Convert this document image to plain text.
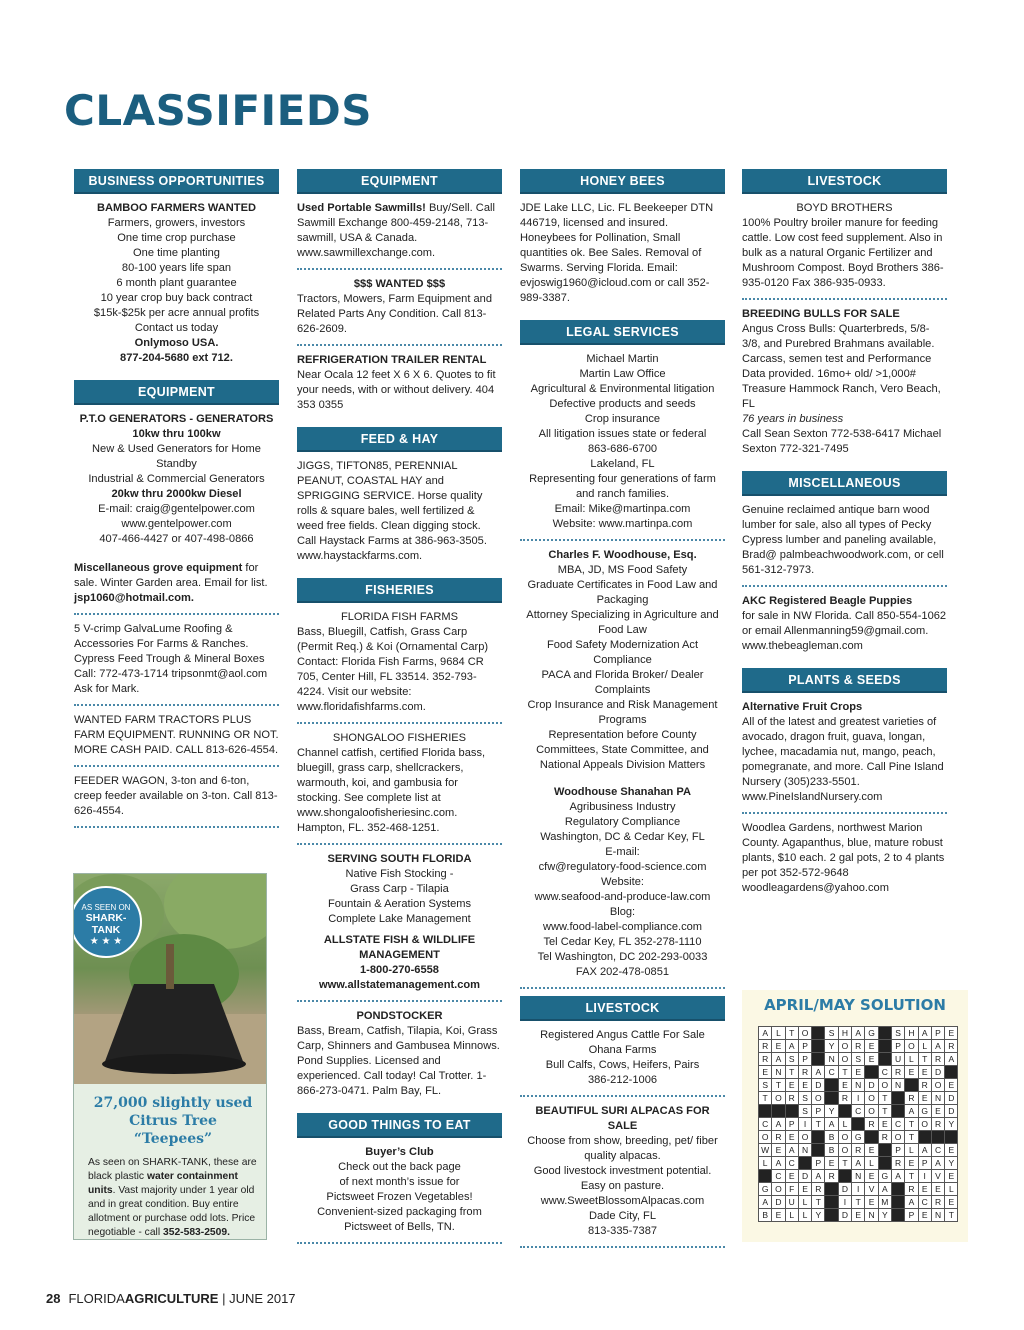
CLASSIFIEDS
BUSINESS OPPORTUNITIES
BAMBOO FARMERS WANTED
Farmers, growers, investors
One time crop purchase
One time planting
80-100 years life span
6 month plant guarantee
10 year crop buy back contract
$15k-$25k per acre annual profits
Contact us today
Onlymoso USA.
877-204-5680 ext 712.
EQUIPMENT
P.T.O GENERATORS - GENERATORS
10kw thru 100kw
New & Used Generators for Home Standby
Industrial & Commercial Generators
20kw thru 2000kw Diesel
E-mail: craig@gentelpower.com
www.gentelpower.com
407-466-4427 or 407-498-0866
Miscellaneous grove equipment for sale. Winter Garden area. Email for list.
jsp1060@hotmail.com.
5 V-crimp GalvaLume Roofing & Accessories For Farms & Ranches. Cypress Feed Trough & Mineral Boxes Call: 772-473-1714 tripsonmt@aol.com Ask for Mark.
WANTED FARM TRACTORS PLUS FARM EQUIPMENT. RUNNING OR NOT. MORE CASH PAID. CALL 813-626-4554.
FEEDER WAGON, 3-ton and 6-ton, creep feeder available on 3-ton. Call 813-626-4554.
AS SEEN ON
SHARK-
TANK
★ ★ ★
27,000 slightly used Citrus Tree “Teepees”
As seen on SHARK-TANK, these are black plastic water containment units. Vast majority under 1 year old and in great condition. Buy entire allotment or purchase odd lots. Price negotiable - call 352-583-2509.
EQUIPMENT
Used Portable Sawmills! Buy/Sell. Call Sawmill Exchange 800-459-2148, 713-sawmill, USA & Canada. www.sawmillexchange.com.
$$$ WANTED $$$
Tractors, Mowers, Farm Equipment and Related Parts Any Condition. Call 813-626-2609.
REFRIGERATION TRAILER RENTAL
Near Ocala 12 feet X 6 X 6. Quotes to fit your needs, with or without delivery. 404 353 0355
FEED & HAY
JIGGS, TIFTON85, PERENNIAL PEANUT, COASTAL HAY and SPRIGGING SERVICE. Horse quality rolls & square bales, well fertilized & weed free fields. Clean digging stock. Call Haystack Farms at 386-963-3505. www.haystackfarms.com.
FISHERIES
FLORIDA FISH FARMS
Bass, Bluegill, Catfish, Grass Carp (Permit Req.) & Koi (Ornamental Carp) Contact: Florida Fish Farms, 9684 CR 705, Center Hill, FL 33514. 352-793-4224. Visit our website: www.floridafishfarms.com.
SHONGALOO FISHERIES
Channel catfish, certified Florida bass, bluegill, grass carp, shellcrackers, warmouth, koi, and gambusia for stocking. See complete list at www.shongaloofisheriesinc.com. Hampton, FL. 352-468-1251.
SERVING SOUTH FLORIDA
Native Fish Stocking -
Grass Carp - Tilapia
Fountain & Aeration Systems
Complete Lake Management
ALLSTATE FISH & WILDLIFE MANAGEMENT
1-800-270-6558
www.allstatemanagement.com
PONDSTOCKER
Bass, Bream, Catfish, Tilapia, Koi, Grass Carp, Shinners and Gambusea Minnows. Pond Supplies. Licensed and experienced. Call today! Cal Trotter. 1-866-273-0471. Palm Bay, FL.
GOOD THINGS TO EAT
Buyer’s Club
Check out the back page
of next month’s issue for
Pictsweet Frozen Vegetables!
Convenient-sized packaging from
Pictsweet of Bells, TN.
HONEY BEES
JDE Lake LLC, Lic. FL Beekeeper DTN 446719, licensed and insured. Honeybees for Pollination, Small quantities ok. Bee Sales. Removal of Swarms. Serving Florida. Email: evjoswig1960@icloud.com or call 352-989-3387.
LEGAL SERVICES
Michael Martin
Martin Law Office
Agricultural & Environmental litigation
Defective products and seeds
Crop insurance
All litigation issues state or federal
863-686-6700
Lakeland, FL
Representing four generations of farm and ranch families.
Email: Mike@martinpa.com
Website: www.martinpa.com
Charles F. Woodhouse, Esq.
MBA, JD, MS Food Safety
Graduate Certificates in Food Law and Packaging
Attorney Specializing in Agriculture and Food Law
Food Safety Modernization Act Compliance
PACA and Florida Broker/ Dealer Complaints
Crop Insurance and Risk Management Programs
Representation before County Committees, State Committee, and National Appeals Division Matters
Woodhouse Shanahan PA
Agribusiness Industry
Regulatory Compliance
Washington, DC & Cedar Key, FL
E-mail:
cfw@regulatory-food-science.com
Website:
www.seafood-and-produce-law.com
Blog:
www.food-label-compliance.com
Tel Cedar Key, FL 352-278-1110
Tel Washington, DC 202-293-0033
FAX 202-478-0851
LIVESTOCK
Registered Angus Cattle For Sale
Ohana Farms
Bull Calfs, Cows, Heifers, Pairs
386-212-1006
BEAUTIFUL SURI ALPACAS FOR SALE
Choose from show, breeding, pet/ fiber quality alpacas.
Good livestock investment potential.
Easy on pasture.
www.SweetBlossomAlpacas.com
Dade City, FL
813-335-7387
LIVESTOCK
BOYD BROTHERS
100% Poultry broiler manure for feeding cattle. Low cost feed supplement. Also in bulk as a natural Organic Fertilizer and Mushroom Compost. Boyd Brothers 386-935-0120 Fax 386-935-0933.
BREEDING BULLS FOR SALE
Angus Cross Bulls: Quarterbreds, 5/8-3/8, and Purebred Brahmans available. Carcass, semen test and Performance Data provided. 16mo+ old/ >1,000# Treasure Hammock Ranch, Vero Beach, FL
76 years in business
Call Sean Sexton 772-538-6417 Michael Sexton 772-321-7495
MISCELLANEOUS
Genuine reclaimed antique barn wood lumber for sale, also all types of Pecky Cypress lumber and paneling available, Brad@ palmbeachwoodwork.com, or cell 561-312-7973.
AKC Registered Beagle Puppies
for sale in NW Florida. Call 850-554-1062 or email Allenmanning59@gmail.com. www.thebeagleman.com
PLANTS & SEEDS
Alternative Fruit Crops
All of the latest and greatest varieties of avocado, dragon fruit, guava, longan, lychee, macadamia nut, mango, peach, pomegranate, and more. Call Pine Island Nursery (305)233-5501. www.PineIslandNursery.com
Woodlea Gardens, northwest Marion County. Agapanthus, blue, mature robust plants, $10 each. 2 gal pots, 2 to 4 plants per pot 352-572-9648 woodleagardens@yahoo.com
APRIL/MAY SOLUTION
A	L	T	O		S	H	A	G		S	H	A	P	E
R	E	A	P		Y	O	R	E		P	O	L	A	R
R	A	S	P		N	O	S	E		U	L	T	R	A
E	N	T	R	A	C	T	E		C	R	E	E	D	
S	T	E	E	D		E	N	D	O	N		R	O	E
T	O	R	S	O		R	I	O	T		R	E	N	D
			S	P	Y		C	O	T		A	G	E	D
C	A	P	I	T	A	L		R	E	C	T	O	R	Y
O	R	E	O		B	O	G		R	O	T			
W	E	A	N		B	O	R	E		P	L	A	C	E
L	A	C		P	E	T	A	L		R	E	P	A	Y
	C	E	D	A	R		N	E	G	A	T	I	V	E
G	O	F	E	R		D	I	V	A		R	E	E	L
A	D	U	L	T		I	T	E	M		A	C	R	E
B	E	L	L	Y		D	E	N	Y		P	E	N	T
28 FLORIDAAGRICULTURE | JUNE 2017
